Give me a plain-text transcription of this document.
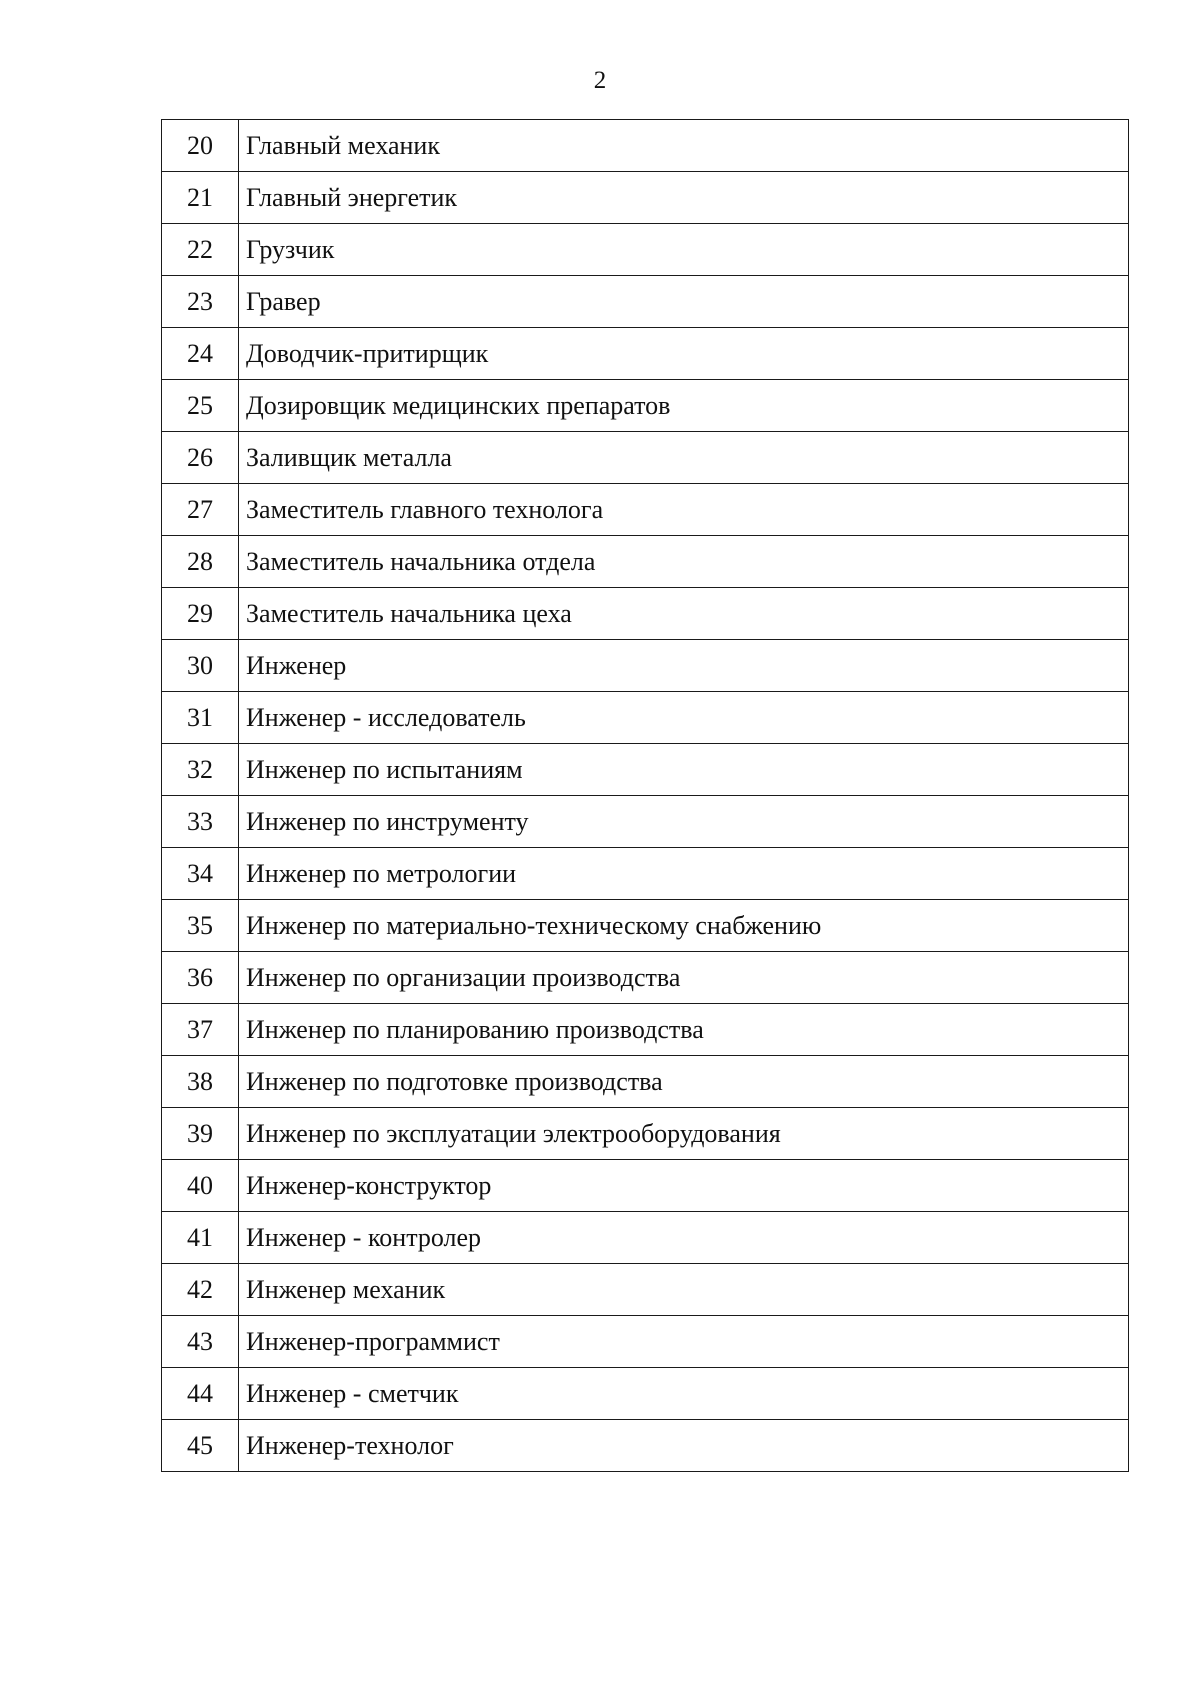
2
20	Главный механик
21	Главный энергетик
22	Грузчик
23	Гравер
24	Доводчик-притирщик
25	Дозировщик медицинских препаратов
26	Заливщик металла
27	Заместитель главного технолога
28	Заместитель начальника отдела
29	Заместитель начальника цеха
30	Инженер
31	Инженер - исследователь
32	Инженер по испытаниям
33	Инженер по инструменту
34	Инженер по метрологии
35	Инженер по материально-техническому снабжению
36	Инженер по организации производства
37	Инженер по планированию производства
38	Инженер по подготовке производства
39	Инженер по эксплуатации электрооборудования
40	Инженер-конструктор
41	Инженер - контролер
42	Инженер механик
43	Инженер-программист
44	Инженер - сметчик
45	Инженер-технолог
